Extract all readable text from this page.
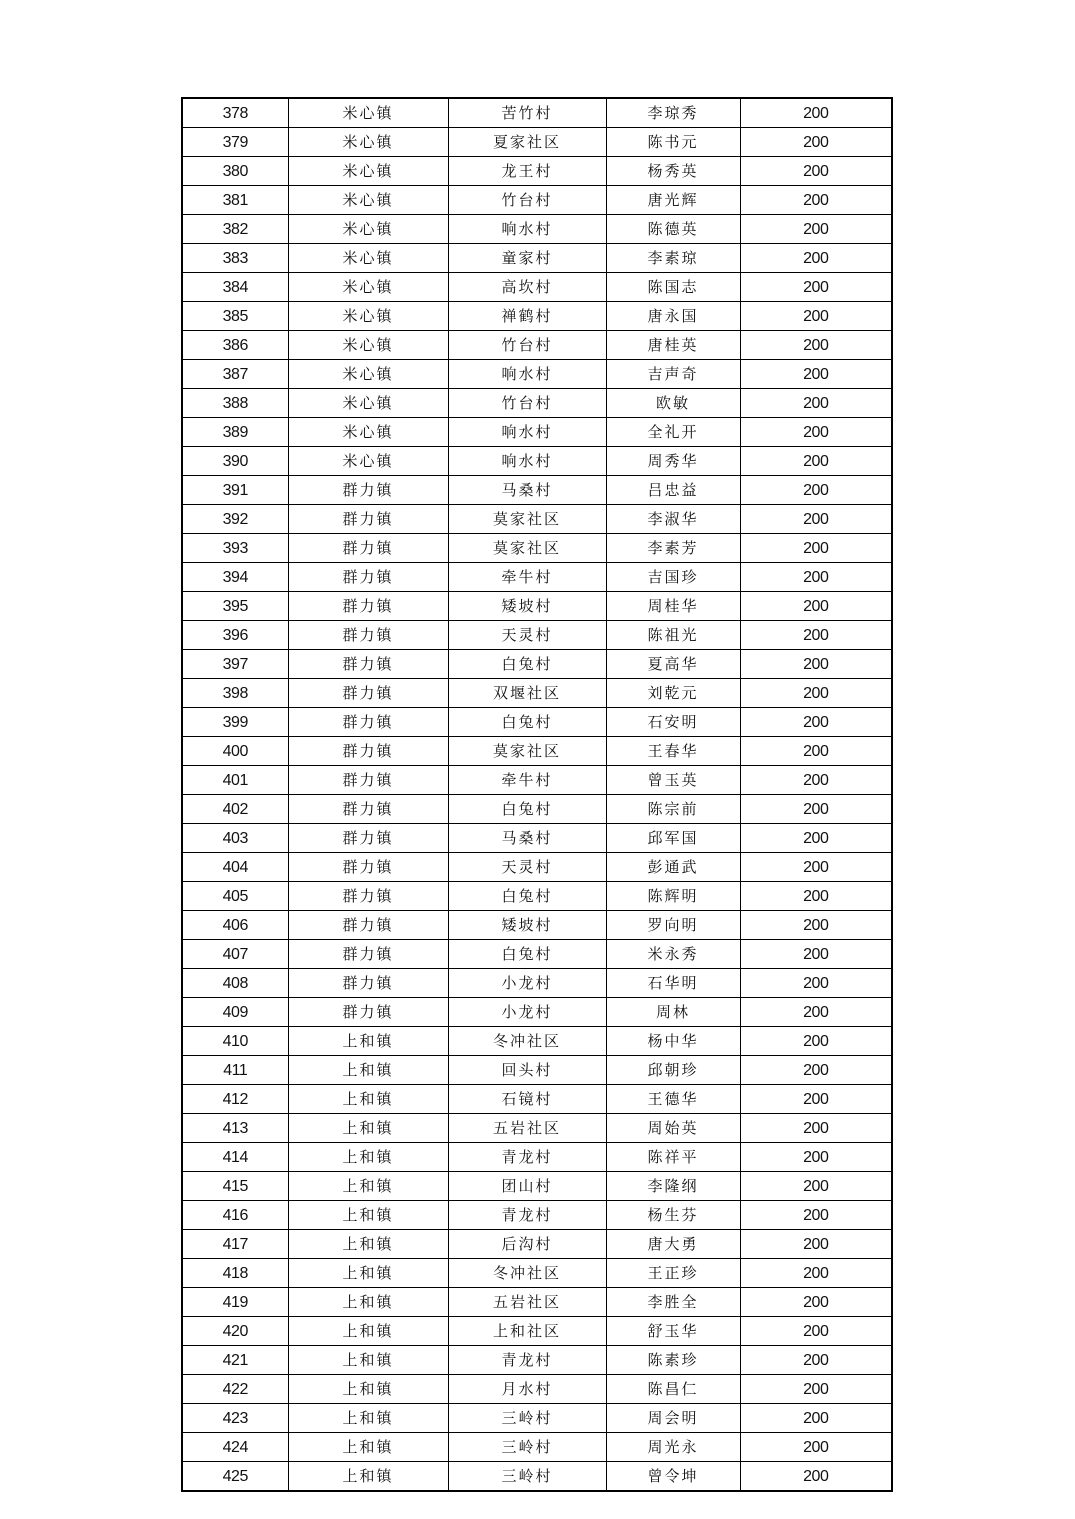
378	米心镇	苦竹村	李琼秀	200
379	米心镇	夏家社区	陈书元	200
380	米心镇	龙王村	杨秀英	200
381	米心镇	竹台村	唐光辉	200
382	米心镇	响水村	陈德英	200
383	米心镇	童家村	李素琼	200
384	米心镇	高坎村	陈国志	200
385	米心镇	禅鹤村	唐永国	200
386	米心镇	竹台村	唐桂英	200
387	米心镇	响水村	吉声奇	200
388	米心镇	竹台村	欧敏	200
389	米心镇	响水村	全礼开	200
390	米心镇	响水村	周秀华	200
391	群力镇	马桑村	吕忠益	200
392	群力镇	莫家社区	李淑华	200
393	群力镇	莫家社区	李素芳	200
394	群力镇	牵牛村	吉国珍	200
395	群力镇	矮坡村	周桂华	200
396	群力镇	天灵村	陈祖光	200
397	群力镇	白兔村	夏高华	200
398	群力镇	双堰社区	刘乾元	200
399	群力镇	白兔村	石安明	200
400	群力镇	莫家社区	王春华	200
401	群力镇	牵牛村	曾玉英	200
402	群力镇	白兔村	陈宗前	200
403	群力镇	马桑村	邱军国	200
404	群力镇	天灵村	彭通武	200
405	群力镇	白兔村	陈辉明	200
406	群力镇	矮坡村	罗向明	200
407	群力镇	白兔村	米永秀	200
408	群力镇	小龙村	石华明	200
409	群力镇	小龙村	周林	200
410	上和镇	冬冲社区	杨中华	200
411	上和镇	回头村	邱朝珍	200
412	上和镇	石镜村	王德华	200
413	上和镇	五岩社区	周始英	200
414	上和镇	青龙村	陈祥平	200
415	上和镇	团山村	李隆纲	200
416	上和镇	青龙村	杨生芬	200
417	上和镇	后沟村	唐大勇	200
418	上和镇	冬冲社区	王正珍	200
419	上和镇	五岩社区	李胜全	200
420	上和镇	上和社区	舒玉华	200
421	上和镇	青龙村	陈素珍	200
422	上和镇	月水村	陈昌仁	200
423	上和镇	三岭村	周会明	200
424	上和镇	三岭村	周光永	200
425	上和镇	三岭村	曾令坤	200
